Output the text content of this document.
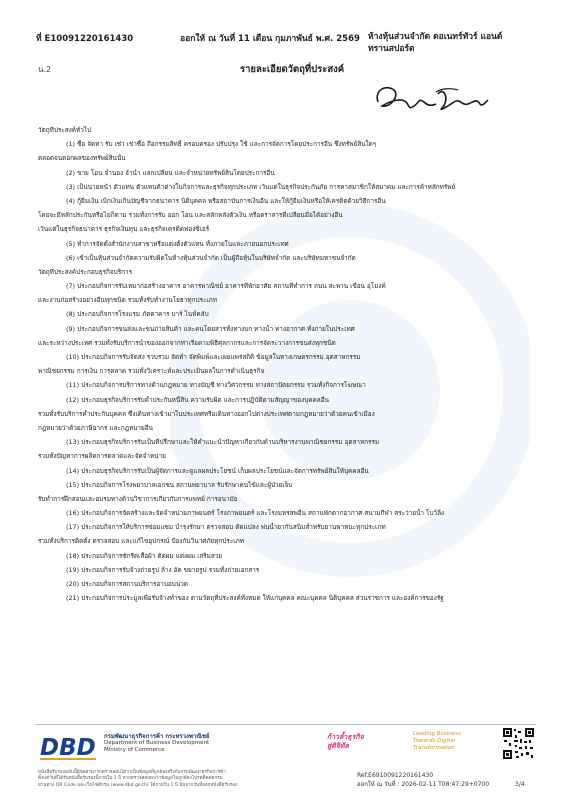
ที่ E10091220161430	ออกให้ ณ วันที่ 11 เดือน กุมภาพันธ์ พ.ศ. 2569 ห้างหุ้นส่วนจำกัด ดอเนทร์ทัวร์ แอนด์ ทรานสปอร์ต
น.2	รายละเอียดวัตถุที่ประสงค์
วัตถุที่ประสงค์ทั่วไป
(1) ซื้อ จัดหา รับ เช่า เช่าซื้อ ถือกรรมสิทธิ์ ครอบครอง ปรับปรุง ใช้ และการจัดการโดยประการอื่น ซึ่งทรัพย์สินใดๆ
ตลอดจนดอกผลของทรัพย์สินนั้น
(2) ขาย โอน จำนอง จำนำ แลกเปลี่ยน และจำหน่ายทรัพย์สินโดยประการอื่น
(3) เป็นนายหน้า ตัวแทน ตัวแทนค้าต่างในกิจการและธุรกิจทุกประเภท เว้นแต่ในธุรกิจประกันภัย การหาสมาชิกให้สมาคม และการค้าหลักทรัพย์
(4) กู้ยืมเงิน เบิกเงินเกินบัญชีจากธนาคาร นิติบุคคล หรือสถาบันการเงินอื่น และให้กู้ยืมเงินหรือให้เครดิตด้วยวิธีการอื่น
โดยจะมีหลักประกันหรือไม่ก็ตาม รวมทั้งการรับ ออก โอน และสลักหลังตั๋วเงิน หรือตราสารที่เปลี่ยนมือได้อย่างอื่น
เว้นแต่ในธุรกิจธนาคาร ธุรกิจเงินทุน และธุรกิจเครดิตฟองซิเอร์
(5) ทำการจัดตั้งสำนักงานสาขาหรือแต่งตั้งตัวแทน ทั้งภายในและภายนอกประเทศ
(6) เข้าเป็นหุ้นส่วนจำกัดความรับผิดในห้างหุ้นส่วนจำกัด เป็นผู้ถือหุ้นในบริษัทจำกัด และบริษัทมหาชนจำกัด
วัตถุที่ประสงค์ประกอบธุรกิจบริการ
(7) ประกอบกิจการรับเหมาก่อสร้างอาคาร อาคารพาณิชย์ อาคารที่พักอาศัย สถานที่ทำการ ถนน สะพาน เขื่อน อุโมงค์
และงานก่อสร้างอย่างอื่นทุกชนิด รวมทั้งรับทำงานโยธาทุกประเภท
(8) ประกอบกิจการโรงแรม ภัตตาคาร บาร์ ไนท์คลับ
(9) ประกอบกิจการขนส่งและขนถ่ายสินค้า และคนโดยสารทั้งทางบก ทางน้ำ ทางอากาศ ทั้งภายในประเทศ
และระหว่างประเทศ รวมทั้งรับบริการนำของออกจากท่าเรือตามพิธีศุลกากรและการจัดระวางการขนส่งทุกชนิด
(10) ประกอบกิจการรับจัดส่ง รวบรวม จัดทำ จัดพิมพ์และเผยแพร่สถิติ ข้อมูลในทางเกษตรกรรม อุตสาหกรรม
พาณิชยกรรม การเงิน การตลาด รวมทั้งวิเคราะห์และประเมินผลในการดำเนินธุรกิจ
(11) ประกอบกิจการบริการทางด้านกฎหมาย ทางบัญชี ทางวิศวกรรม ทางสถาปัตยกรรม รวมทั้งกิจการโฆษณา
(12) ประกอบธุรกิจบริการรับค้ำประกันหนี้สิน ความรับผิด และการปฏิบัติตามสัญญาของบุคคลอื่น
รวมทั้งรับบริการค้ำประกันบุคคล ซึ่งเดินทางเข้ามาในประเทศหรือเดินทางออกไปต่างประเทศตามกฎหมายว่าด้วยคนเข้าเมือง
กฎหมายว่าด้วยภาษีอากร และกฎหมายอื่น
(13) ประกอบธุรกิจบริการรับเป็นที่ปรึกษาและให้คำแนะนำปัญหาเกี่ยวกับด้านบริหารงานพาณิชยกรรม อุตสาหกรรม
รวมทั้งปัญหาการผลิตการตลาดและจัดจำหน่าย
(14) ประกอบธุรกิจบริการรับเป็นผู้จัดการและดูแลผลประโยชน์ เก็บผลประโยชน์และจัดการทรัพย์สินให้บุคคลอื่น
(15) ประกอบกิจการโรงพยาบาลเอกชน สถานพยาบาล รับรักษาคนไข้และผู้ป่วยเจ็บ
รับทำการฝึกสอนและอบรมทางด้านวิชาการเกี่ยวกับการแพทย์ การอนามัย
(16) ประกอบกิจการจัดสร้างและจัดจำหน่ายภาพยนตร์ โรงภาพยนตร์ และโรงมหรสพอื่น สถานพักตากอากาศ สนามกีฬา สระว่ายน้ำ โบว์ลิ่ง
(17) ประกอบกิจการให้บริการซ่อมแซม บำรุงรักษา ตรวจสอบ ดัดแปลง พ่นน้ำยากันสนิมสำหรับยานพาหนะทุกประเภท
รวมทั้งบริการติดตั้ง ตรวจสอบ และแก้ไขอุปกรณ์ ป้องกันวินาศภัยทุกประเภท
(18) ประกอบกิจการซักรีดเสื้อผ้า ตัดผม แต่งผม เสริมสวย
(19) ประกอบกิจการรับจ้างถ่ายรูป ล้าง อัด ขยายรูป รวมทั้งถ่ายเอกสาร
(20) ประกอบกิจการสถานบริการอาบอบนวด
(21) ประกอบกิจการประมูลเพื่อรับจ้างทำของ ตามวัตถุที่ประสงค์ทั้งหมด ให้แก่บุคคล คณะบุคคล นิติบุคคล ส่วนราชการ และองค์การของรัฐ
DBD กรมพัฒนาธุรกิจการค้า กระทรวงพาณิชย์
Department of Business Development
Ministry of Commerce
ก้าวล้ำธุรกิจ
สู่ดิจิทัล
Leading Business
Towards Digital
Transformation
หนังสือรับรองฉบับนี้ผู้ขอสามารถตรวจสอบได้ว่าเป็นข้อมูลที่ถูกต้องจริงกับกรมพัฒนาธุรกิจการค้า
ตั้งแต่วันที่ได้รับหนังสือรับรองนี้ภายใน 1 ปี หากตรวจสอบพบว่าข้อมูลไม่ถูกต้องโปรดติดต่อกรม
ผ่านทาง QR Code และเว็บไซต์กรม (www.dbd.go.th) ได้ภายใน 1 ปี นับจากวันที่ออกหนังสือรับรอง
Ref.E6910091220161430
ออกให้ ณ วันที่ : 2026-02-11 T08:47:29+0700	3/4
